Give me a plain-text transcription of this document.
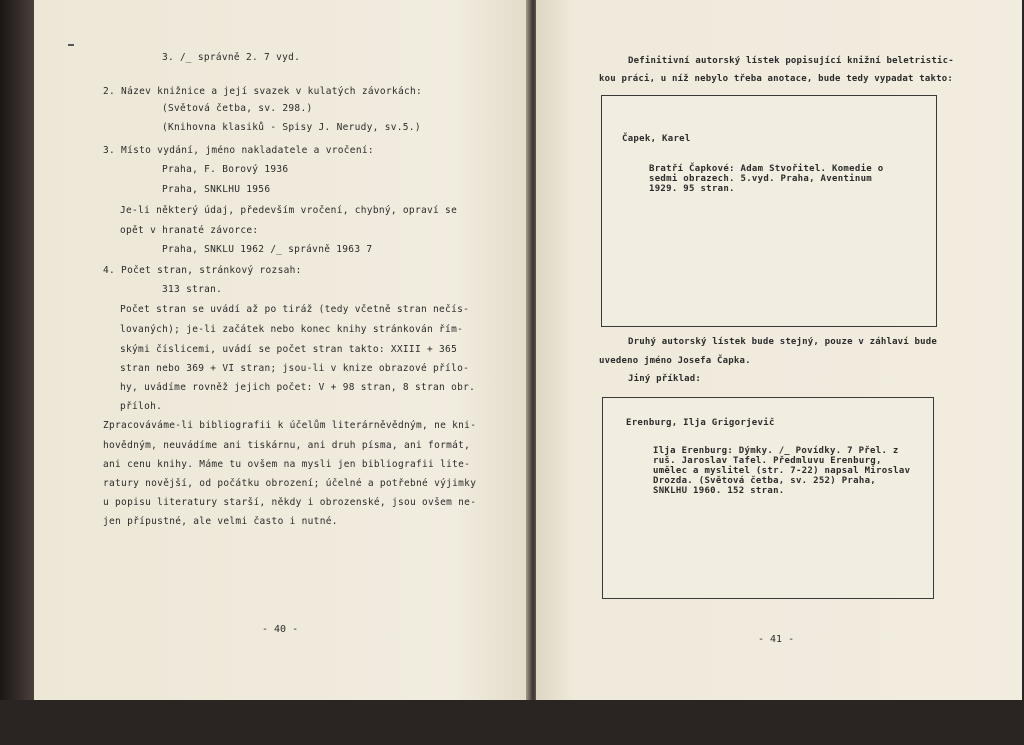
3. /̲ správně 2. 7 vyd.
2. Název knižnice a její svazek v kulatých závorkách:
(Světová četba, sv. 298.)
(Knihovna klasiků - Spisy J. Nerudy, sv.5.)
3. Místo vydání, jméno nakladatele a vročení:
Praha, F. Borový 1936
Praha, SNKLHU 1956
Je-li některý údaj, především vročení, chybný, opraví se
opět v hranaté závorce:
Praha, SNKLU 1962 /̲ správně 1963 7
4. Počet stran, stránkový rozsah:
313 stran.
Počet stran se uvádí až po tiráž (tedy včetně stran nečís-
lovaných); je-li začátek nebo konec knihy stránkován řím-
skými číslicemi, uvádí se počet stran takto: XXIII + 365
stran nebo 369 + VI stran; jsou-li v knize obrazové přílo-
hy, uvádíme rovněž jejich počet: V + 98 stran, 8 stran obr.
příloh.
Zpracováváme-li bibliografii k účelům literárněvědným, ne kni-
hovědným, neuvádíme ani tiskárnu, ani druh písma, ani formát,
ani cenu knihy. Máme tu ovšem na mysli jen bibliografii lite-
ratury novější, od počátku obrození; účelné a potřebné výjimky
u popisu literatury starší, někdy i obrozenské, jsou ovšem ne-
jen přípustné, ale velmi často i nutné.
- 40 -
Definitivní autorský lístek popisující knižní beletristic-
kou práci, u níž nebylo třeba anotace, bude tedy vypadat takto:
Čapek, Karel
Bratří Čapkové: Adam Stvořitel. Komedie o
sedmi obrazech. 5.vyd. Praha, Aventinum
1929. 95 stran.
Druhý autorský lístek bude stejný, pouze v záhlaví bude
uvedeno jméno Josefa Čapka.
Jiný příklad:
Erenburg, Ilja Grigorjevič
Ilja Erenburg: Dýmky. /̲ Povídky. 7 Přel. z
ruš. Jaroslav Tafel. Předmluvu Erenburg,
umělec a myslitel (str. 7-22) napsal Miroslav
Drozda. (Světová četba, sv. 252) Praha,
SNKLHU 1960. 152 stran.
- 41 -
